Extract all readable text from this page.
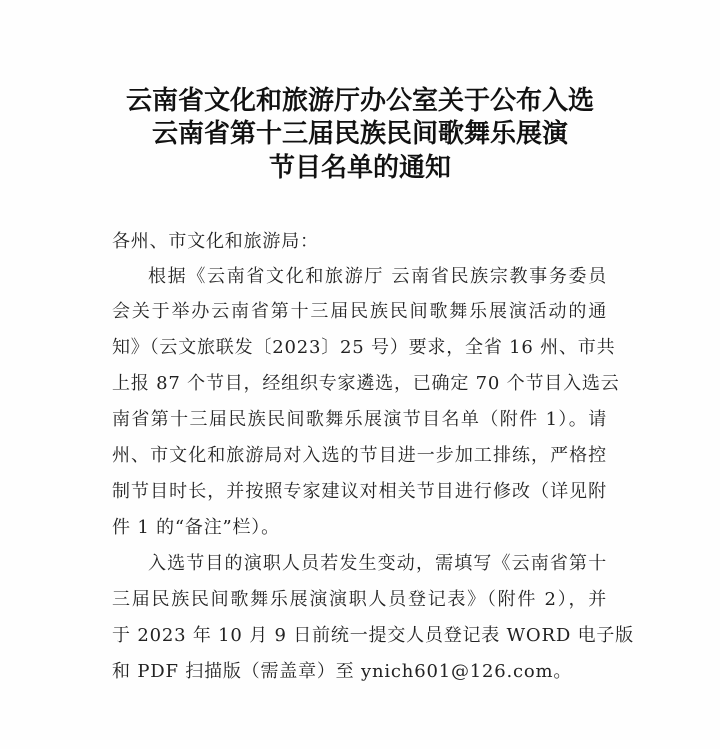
云南省文化和旅游厅办公室关于公布入选
云南省第十三届民族民间歌舞乐展演
节目名单的通知
各州、市文化和旅游局：
根据《云南省文化和旅游厅 云南省民族宗教事务委员
会关于举办云南省第十三届民族民间歌舞乐展演活动的通
知》（云文旅联发〔2023〕25 号）要求，全省 16 州、市共
上报 87 个节目，经组织专家遴选，已确定 70 个节目入选云
南省第十三届民族民间歌舞乐展演节目名单（附件 1）。请
州、市文化和旅游局对入选的节目进一步加工排练，严格控
制节目时长，并按照专家建议对相关节目进行修改（详见附
件 1 的“备注”栏）。
入选节目的演职人员若发生变动，需填写《云南省第十
三届民族民间歌舞乐展演演职人员登记表》（附件 2），并
于 2023 年 10 月 9 日前统一提交人员登记表 WORD 电子版
和 PDF 扫描版（需盖章）至 ynich601@126.com。
